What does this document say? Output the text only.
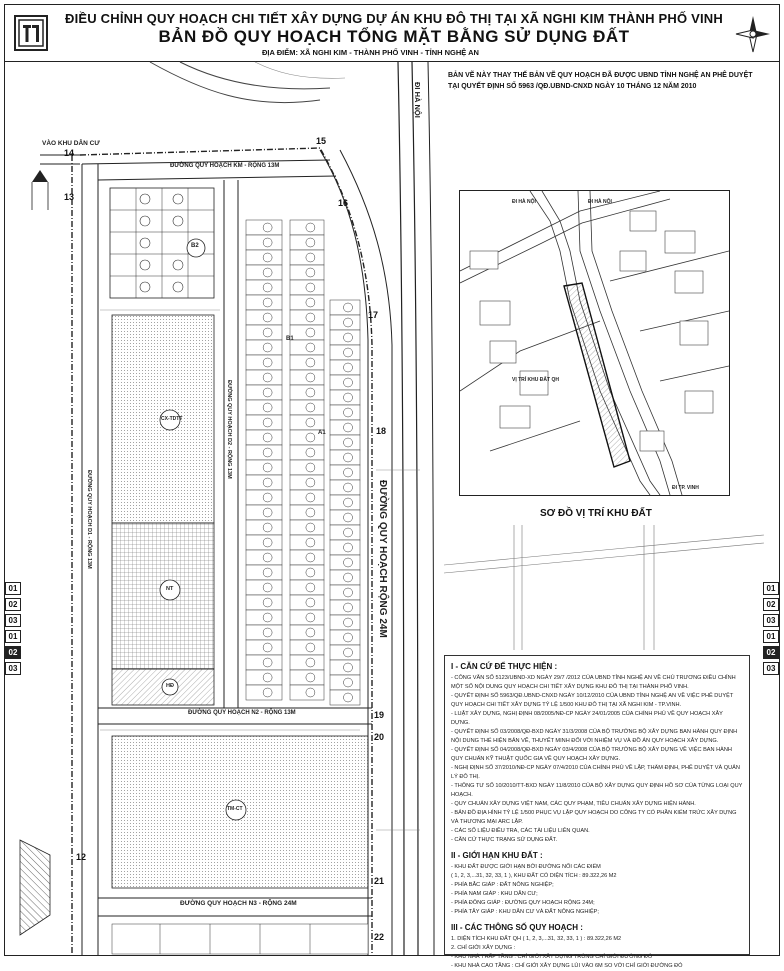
ĐIỀU CHỈNH QUY HOẠCH CHI TIẾT XÂY DỰNG DỰ ÁN KHU ĐÔ THỊ TẠI XÃ NGHI KIM THÀNH PHỐ VINH
BẢN ĐỒ QUY HOẠCH TỔNG MẶT BẰNG SỬ DỤNG ĐẤT
ĐỊA ĐIỂM: XÃ NGHI KIM - THÀNH PHỐ VINH - TỈNH NGHỆ AN
BẢN VẼ NÀY THAY THẾ BẢN VẼ QUY HOẠCH ĐÃ ĐƯỢC UBND TỈNH NGHỆ AN PHÊ DUYỆT TẠI QUYẾT ĐỊNH SỐ 5963 /QĐ.UBND-CNXD NGÀY 10 THÁNG 12 NĂM 2010
VÀO KHU DÂN CƯ
ĐI HÀ NỘI
ĐƯỜNG QUY HOẠCH KM - RỘNG 13M
ĐƯỜNG QUY HOẠCH N2 - RỘNG 13M
ĐƯỜNG QUY HOẠCH N3 - RỘNG 24M
ĐƯỜNG QUY HOẠCH D1 - RỘNG 13M
ĐƯỜNG QUY HOẠCH D2 - RỘNG 13M
ĐƯỜNG QUY HOẠCH RỘNG 24M
B2
B1
A1
CX-TDTT
NT
HĐ
TM-CT
14
15
13
16
17
18
19
20
12
21
22
01
02
03
01
02
03
01
02
03
01
02
03
ĐI HÀ NỘI	ĐI HÀ NỘI
VỊ TRÍ KHU ĐẤT QH
ĐI TP. VINH
SƠ ĐỒ VỊ TRÍ KHU ĐẤT
I - CĂN CỨ ĐỂ THỰC HIỆN :
- CÔNG VĂN SỐ 5123/UBND-XD NGÀY 29/7 /2012 CỦA UBND TỈNH NGHỆ AN VỀ CHỦ TRƯƠNG ĐIỀU CHỈNH MỘT SỐ NỘI DUNG QUY HOẠCH CHI TIẾT XÂY DỰNG KHU ĐÔ THỊ TẠI THÀNH PHỐ VINH.
- QUYẾT ĐỊNH SỐ 5963/QĐ.UBND-CNXD NGÀY 10/12/2010 CỦA UBND TỈNH NGHỆ AN VỀ VIỆC PHÊ DUYỆT QUY HOẠCH CHI TIẾT XÂY DỰNG TỶ LỆ 1/500 KHU ĐÔ THỊ TẠI XÃ NGHI KIM - TP.VINH.
- LUẬT XÂY DỰNG, NGHỊ ĐỊNH 08/2005/NĐ-CP NGÀY 24/01/2005 CỦA CHÍNH PHỦ VỀ QUY HOẠCH XÂY DỰNG.
- QUYẾT ĐỊNH SỐ 03/2008/QĐ-BXD NGÀY 31/3/2008 CỦA BỘ TRƯỞNG BỘ XÂY DỰNG BAN HÀNH QUY ĐỊNH NỘI DUNG THỂ HIỆN BẢN VẼ, THUYẾT MINH ĐỐI VỚI NHIỆM VỤ VÀ ĐỒ ÁN QUY HOẠCH XÂY DỰNG.
- QUYẾT ĐỊNH SỐ 04/2008/QĐ-BXD NGÀY 03/4/2008 CỦA BỘ TRƯỞNG BỘ XÂY DỰNG VỀ VIỆC BAN HÀNH QUY CHUẨN KỸ THUẬT QUỐC GIA VỀ QUY HOẠCH XÂY DỰNG.
- NGHỊ ĐỊNH SỐ 37/2010/NĐ-CP NGÀY 07/4/2010 CỦA CHÍNH PHỦ VỀ LẬP, THẨM ĐỊNH, PHÊ DUYỆT VÀ QUẢN LÝ ĐÔ THỊ.
- THÔNG TƯ SỐ 10/2010/TT-BXD NGÀY 11/8/2010 CỦA BỘ XÂY DỰNG QUY ĐỊNH HỒ SƠ CỦA TỪNG LOẠI QUY HOẠCH.
- QUY CHUẨN XÂY DỰNG VIỆT NAM, CÁC QUY PHẠM, TIÊU CHUẨN XÂY DỰNG HIỆN HÀNH.
- BẢN ĐỒ ĐỊA HÌNH TỶ LỆ 1/500 PHỤC VỤ LẬP QUY HOẠCH DO CÔNG TY CỔ PHẦN KIỂM TRỨC XÂY DỰNG VÀ THƯƠNG MẠI ARC LẬP.
- CÁC SỐ LIỆU ĐIỀU TRA, CÁC TÀI LIỆU LIÊN QUAN.
- CĂN CỨ THỰC TRẠNG SỬ DỤNG ĐẤT.
II - GIỚI HẠN KHU ĐẤT :
- KHU ĐẤT ĐƯỢC GIỚI HẠN BỞI ĐƯỜNG NỐI CÁC ĐIỂM
( 1, 2, 3,...31, 32, 33, 1 ), KHU ĐẤT CÓ DIỆN TÍCH : 89.322,26 M2
- PHÍA BẮC GIÁP : ĐẤT NÔNG NGHIỆP;
- PHÍA NAM GIÁP : KHU DÂN CƯ;
- PHÍA ĐÔNG GIÁP : ĐƯỜNG QUY HOẠCH RỘNG 24M;
- PHÍA TÂY GIÁP : KHU DÂN CƯ VÀ ĐẤT NÔNG NGHIỆP;
III - CÁC THÔNG SỐ QUY HOẠCH :
1. DIỆN TÍCH KHU ĐẤT QH ( 1, 2, 3,...31, 32, 33, 1 ) : 89.322,26 M2
2. CHỈ GIỚI XÂY DỰNG :
- KHU NHÀ THẤP TẦNG : CHỈ GIỚI XÂY DỰNG TRÙNG CHỈ GIỚI ĐƯỜNG ĐỎ
- KHU NHÀ CAO TẦNG : CHỈ GIỚI XÂY DỰNG LÙI VÀO 6M SO VỚI CHỈ GIỚI ĐƯỜNG ĐỎ
